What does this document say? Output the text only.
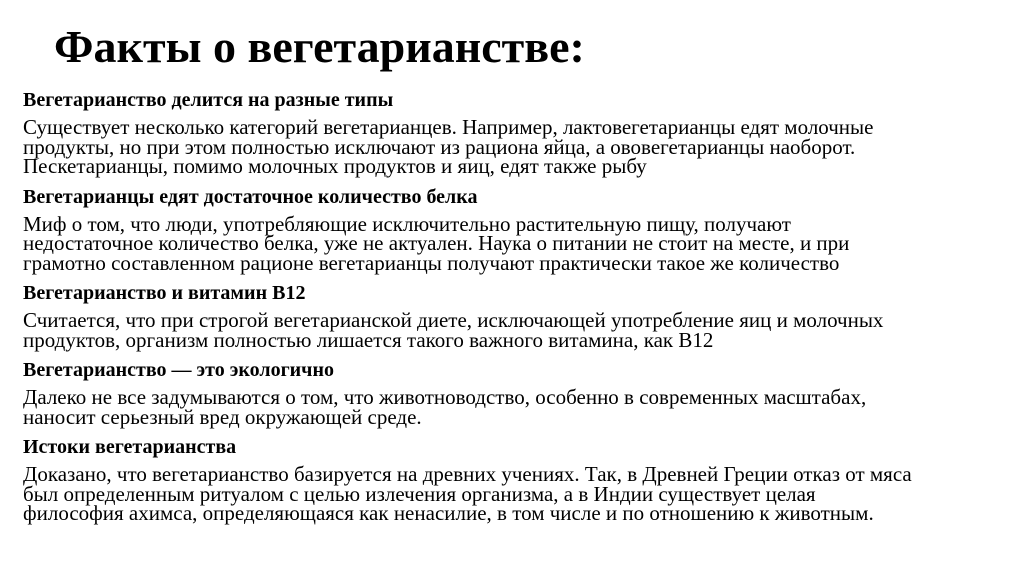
Факты о вегетарианстве:
Вегетарианство делится на разные типы
Существует несколько категорий вегетарианцев. Например, лактовегетарианцы едят молочные
продукты, но при этом полностью исключают из рациона яйца, а ововегетарианцы наоборот.
Пескетарианцы, помимо молочных продуктов и яиц, едят также рыбу
Вегетарианцы едят достаточное количество белка
Миф о том, что люди, употребляющие исключительно растительную пищу, получают
недостаточное количество белка, уже не актуален. Наука о питании не стоит на месте, и при
грамотно составленном рационе вегетарианцы получают практически такое же количество
Вегетарианство и витамин В12
Считается, что при строгой вегетарианской диете, исключающей употребление яиц и молочных
продуктов, организм полностью лишается такого важного витамина, как В12
Вегетарианство — это экологично
Далеко не все задумываются о том, что животноводство, особенно в современных масштабах,
наносит серьезный вред окружающей среде.
Истоки вегетарианства
Доказано, что вегетарианство базируется на древних учениях. Так, в Древней Греции отказ от мяса
был определенным ритуалом с целью излечения организма, а в Индии существует целая
философия ахимса, определяющаяся как ненасилие, в том числе и по отношению к животным.
